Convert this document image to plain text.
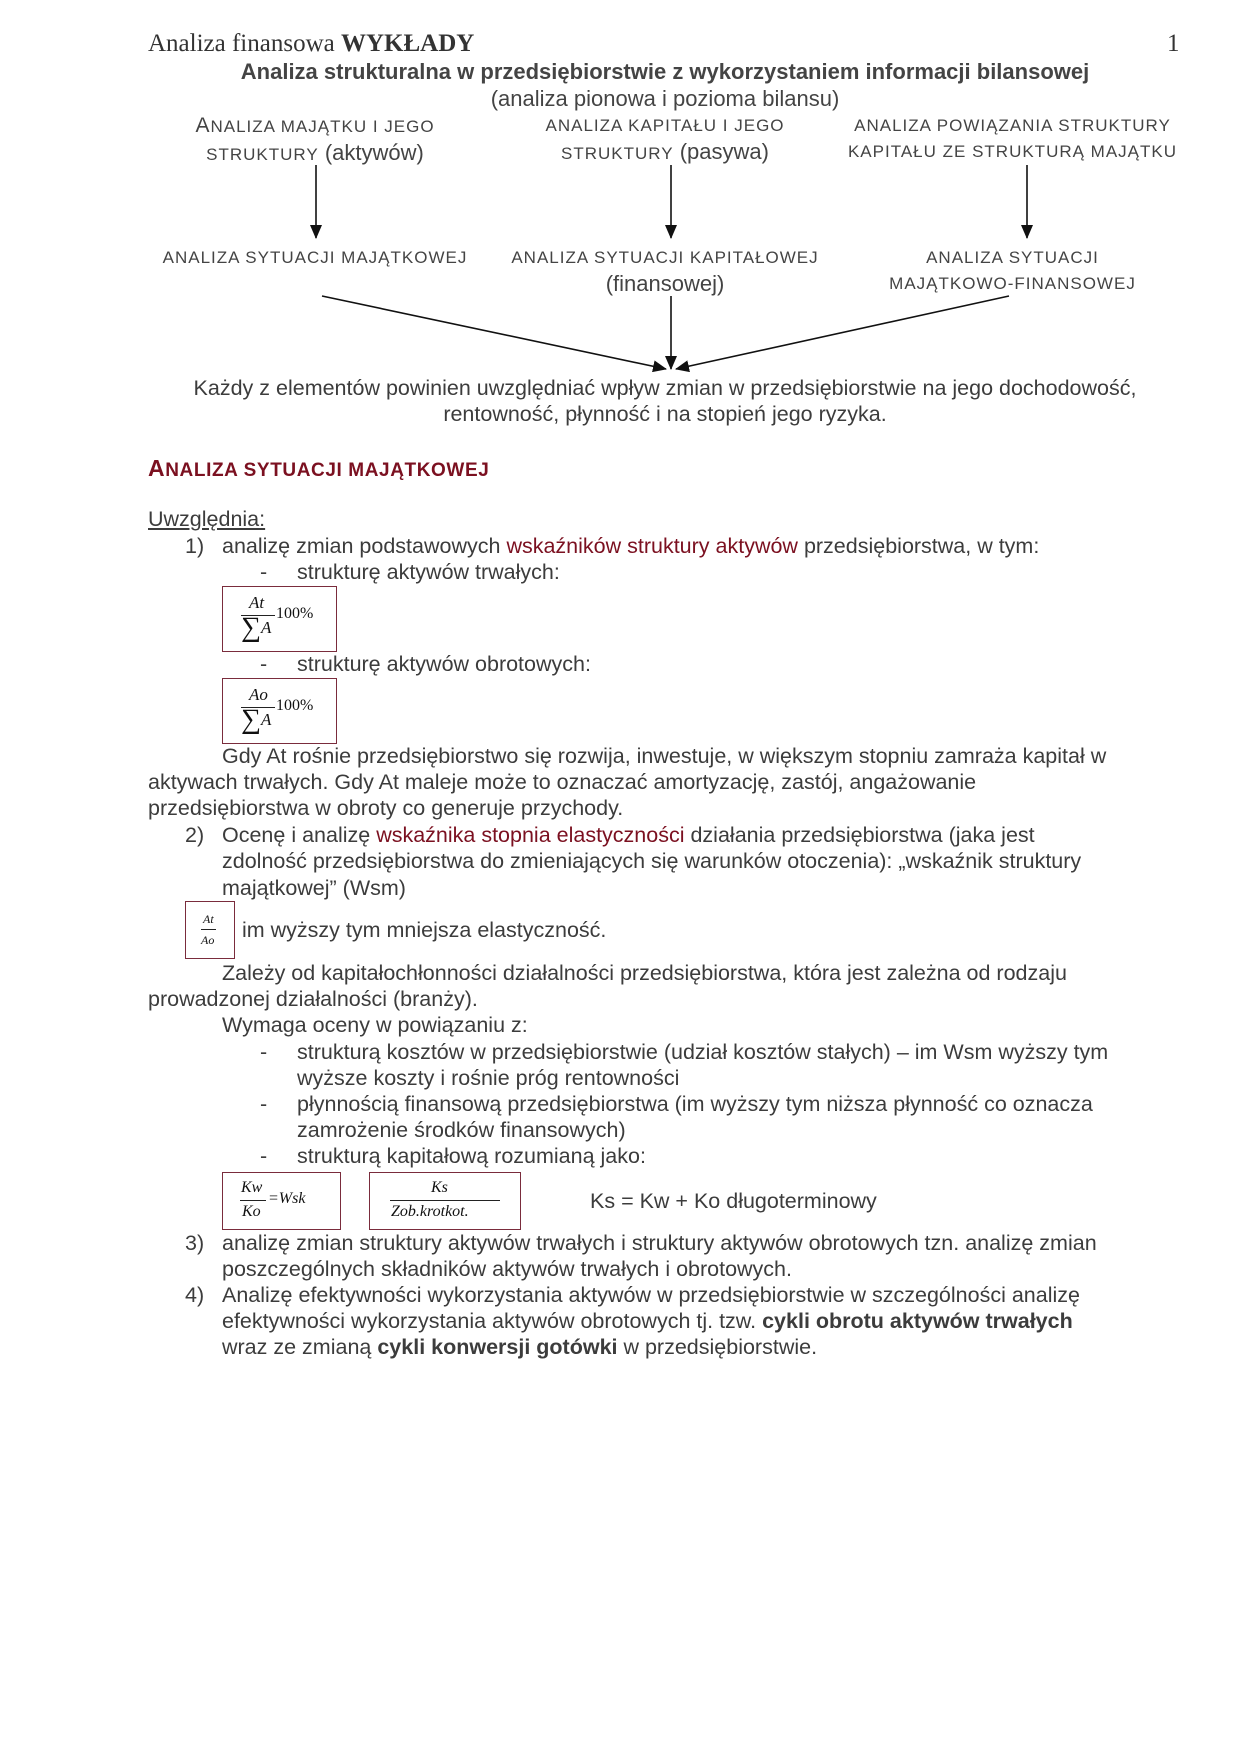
Analiza finansowa WYKŁADY	1
Analiza strukturalna w przedsiębiorstwie z wykorzystaniem informacji bilansowej
(analiza pionowa i pozioma bilansu)
ANALIZA MAJĄTKU I JEGO
STRUKTURY (aktywów)
ANALIZA KAPITAŁU I JEGO
STRUKTURY (pasywa)
ANALIZA POWIĄZANIA STRUKTURY
KAPITAŁU ZE STRUKTURĄ MAJĄTKU
ANALIZA SYTUACJI MAJĄTKOWEJ	ANALIZA SYTUACJI KAPITAŁOWEJ
(finansowej)
ANALIZA SYTUACJI
MAJĄTKOWO-FINANSOWEJ
Każdy z elementów powinien uwzględniać wpływ zmian w przedsiębiorstwie na jego dochodowość,
rentowność, płynność i na stopień jego ryzyka.
ANALIZA SYTUACJI MAJĄTKOWEJ
Uwzględnia:
1) analizę zmian podstawowych wskaźników struktury aktywów przedsiębiorstwa, w tym:
- strukturę aktywów trwałych:
At
∑ A
100%
- strukturę aktywów obrotowych:
Ao
∑ A
100%
Gdy At rośnie przedsiębiorstwo się rozwija, inwestuje, w większym stopniu zamraża kapitał w
aktywach trwałych. Gdy At maleje może to oznaczać amortyzację, zastój, angażowanie
przedsiębiorstwa w obroty co generuje przychody.
2) Ocenę i analizę wskaźnika stopnia elastyczności działania przedsiębiorstwa (jaka jest
zdolność przedsiębiorstwa do zmieniających się warunków otoczenia): „wskaźnik struktury
majątkowej” (Wsm)
At
Ao im wyższy tym mniejsza elastyczność.
Zależy od kapitałochłonności działalności przedsiębiorstwa, która jest zależna od rodzaju
prowadzonej działalności (branży).
Wymaga oceny w powiązaniu z:
- strukturą kosztów w przedsiębiorstwie (udział kosztów stałych) – im Wsm wyższy tym
wyższe koszty i rośnie próg rentowności
- płynnością finansową przedsiębiorstwa (im wyższy tym niższa płynność co oznacza
zamrożenie środków finansowych)
- strukturą kapitałową rozumianą jako:
Kw
Ko
=Wsk
Ks
Zob.krotkot.	Ks = Kw + Ko długoterminowy
3) analizę zmian struktury aktywów trwałych i struktury aktywów obrotowych tzn. analizę zmian
poszczególnych składników aktywów trwałych i obrotowych.
4) Analizę efektywności wykorzystania aktywów w przedsiębiorstwie w szczególności analizę
efektywności wykorzystania aktywów obrotowych tj. tzw. cykli obrotu aktywów trwałych
wraz ze zmianą cykli konwersji gotówki w przedsiębiorstwie.
